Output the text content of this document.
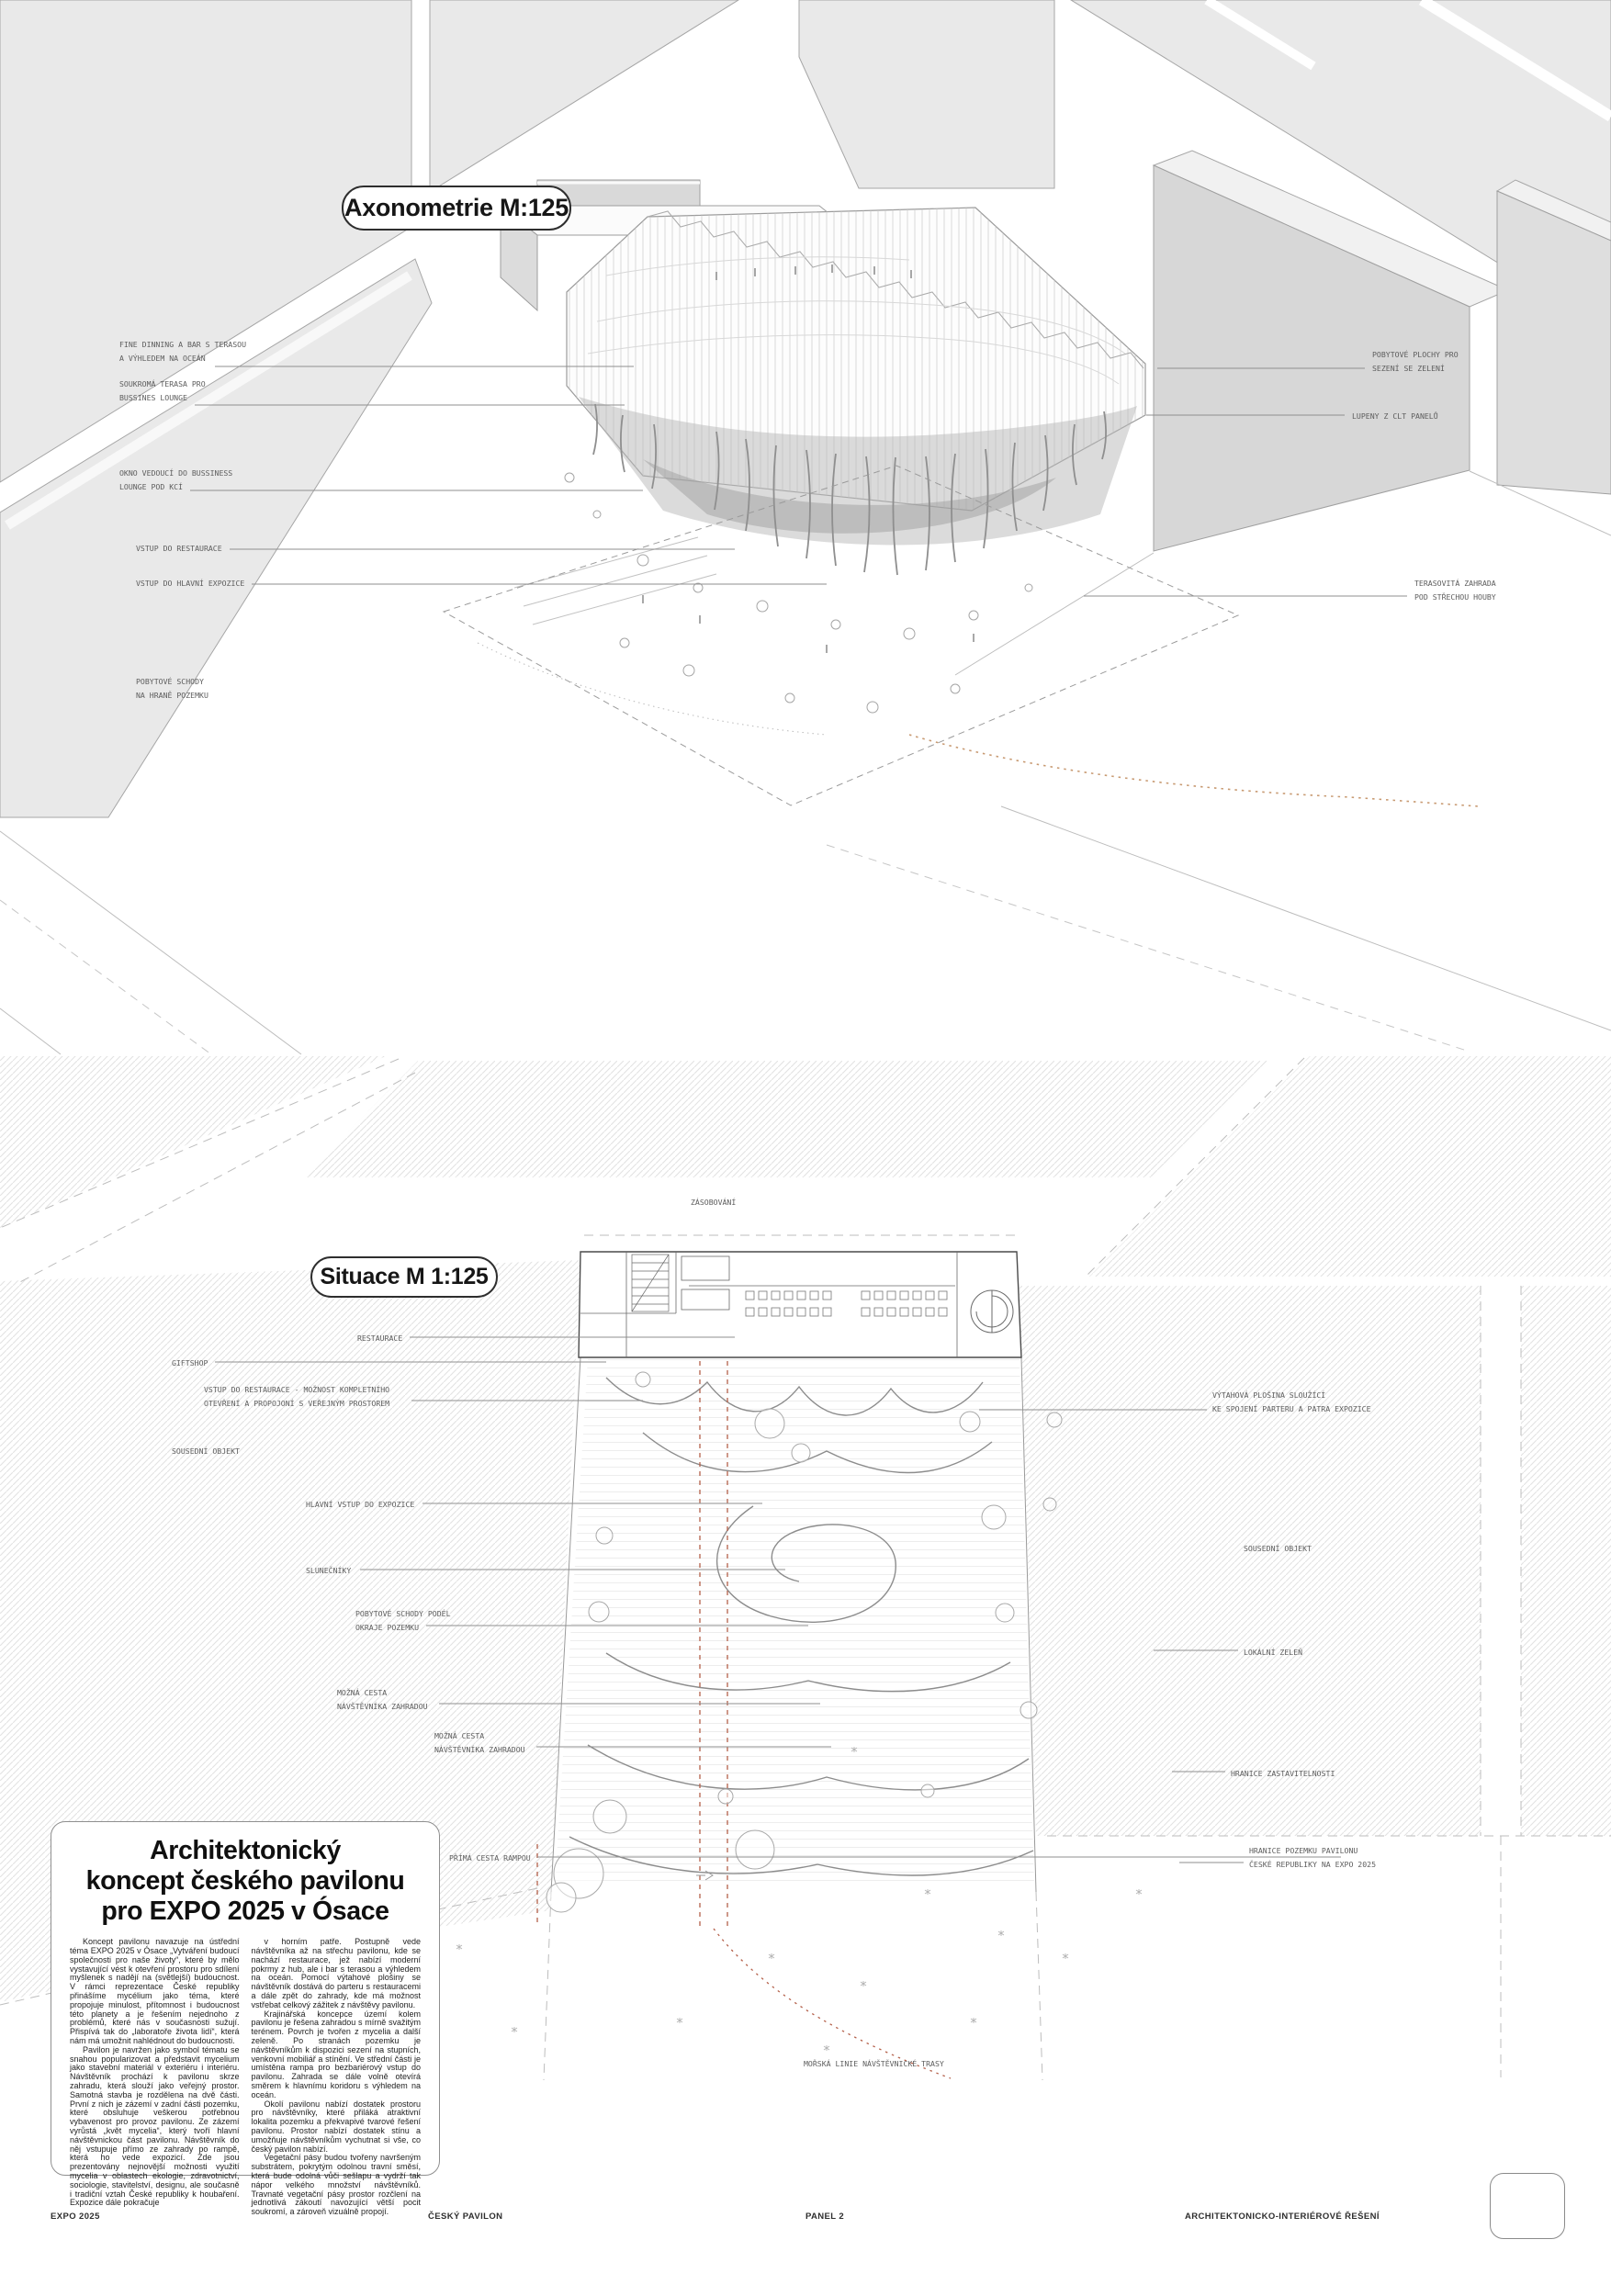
Axonometrie M:125
Situace M 1:125
FINE DINNING A BAR S TERASOU
A VÝHLEDEM NA OCEÁN
SOUKROMÁ TERASA PRO
BUSSINES LOUNGE
OKNO VEDOUCÍ DO BUSSINESS
LOUNGE POD KCÍ
VSTUP DO RESTAURACE
VSTUP DO HLAVNÍ EXPOZICE
POBYTOVÉ SCHODY
NA HRANĚ POZEMKU
POBYTOVÉ PLOCHY PRO
SEZENÍ SE ZELENÍ
LUPENY Z CLT PANELŮ
TERASOVITÁ ZAHRADA
POD STŘECHOU HOUBY
ZÁSOBOVÁNÍ
RESTAURACE
GIFTSHOP
VSTUP DO RESTAURACE - MOŽNOST KOMPLETNÍHO
OTEVŘENÍ A PROPOJONÍ S VEŘEJNÝM PROSTOREM
SOUSEDNÍ OBJEKT
HLAVNÍ VSTUP DO EXPOZICE
SLUNEČNÍKY
POBYTOVÉ SCHODY PODÉL
OKRAJE POZEMKU
MOŽNÁ CESTA
NÁVŠTĚVNÍKA ZAHRADOU
MOŽNÁ CESTA
NÁVŠTĚVNÍKA ZAHRADOU
PŘÍMÁ CESTA RAMPOU
MOŘSKÁ LINIE NÁVŠTĚVNICKÉ TRASY
VÝTAHOVÁ PLOŠINA SLOUŽÍCÍ
KE SPOJENÍ PARTERU A PATRA EXPOZICE
SOUSEDNÍ OBJEKT
LOKÁLNÍ ZELEŇ
HRANICE ZASTAVITELNOSTI
HRANICE POZEMKU PAVILONU
ČESKÉ REPUBLIKY NA EXPO 2025
Architektonický
koncept českého pavilonu
pro EXPO 2025 v Ósace

Koncept pavilonu navazuje na ústřední téma EXPO 2025 v Ósace „Vytváření budoucí společnosti pro naše životy“, které by mělo vystavující vést k otevření prostoru pro sdílení myšlenek s nadějí na (světlejší) budoucnost. V rámci reprezentace České republiky přinášíme mycélium jako téma, které propojuje minulost, přítomnost i budoucnost této planety a je řešením nejednoho z problémů, které nás v současnosti sužují. Přispívá tak do „laboratoře života lidí“, která nám má umožnit nahlédnout do budoucnosti.

Pavilon je navržen jako symbol tématu se snahou popularizovat a představit mycelium jako stavební materiál v exteriéru i interiéru. Návštěvník prochází k pavilonu skrze zahradu, která slouží jako veřejný prostor. Samotná stavba je rozdělena na dvě části. První z nich je zázemí v zadní části pozemku, které obsluhuje veškerou potřebnou vybavenost pro provoz pavilonu. Ze zázemí vyrůstá „květ mycelia“, který tvoří hlavní návštěvnickou část pavilonu. Návštěvník do něj vstupuje přímo ze zahrady po rampě, která ho vede expozicí. Zde jsou prezentovány nejnovější možnosti využití mycelia v oblastech ekologie, zdravotnictví, sociologie, stavitelství, designu, ale současně i tradiční vztah České republiky k houbaření. Expozice dále pokračuje

v horním patře. Postupně vede návštěvníka až na střechu pavilonu, kde se nachází restaurace, jež nabízí moderní pokrmy z hub, ale i bar s terasou a výhledem na oceán. Pomocí výtahové plošiny se návštěvník dostává do parteru s restauracemi a dále zpět do zahrady, kde má možnost vstřebat celkový zážitek z návštěvy pavilonu.

Krajinářská koncepce území kolem pavilonu je řešena zahradou s mírně svažitým terénem. Povrch je tvořen z mycelia a další zeleně. Po stranách pozemku je návštěvníkům k dispozici sezení na stupních, venkovní mobiliář a stínění. Ve střední části je umístěna rampa pro bezbariérový vstup do pavilonu. Zahrada se dále volně otevírá směrem k hlavnímu koridoru s výhledem na oceán.

Okolí pavilonu nabízí dostatek prostoru pro návštěvníky, které přiláká atraktivní lokalita pozemku a překvapivé tvarové řešení pavilonu. Prostor nabízí dostatek stínu a umožňuje návštěvníkům vychutnat si vše, co český pavilon nabízí.

Vegetační pásy budou tvořeny navršeným substrátem, pokrytým odolnou travní směsí, která bude odolná vůči sešlapu a vydrží tak nápor velkého množství návštěvníků. Travnaté vegetační pásy prostor rozčlení na jednotlivá zákoutí navozující větší pocit soukromí, a zároveň vizuálně propojí.

EXPO 2025	ČESKÝ PAVILON	PANEL 2	ARCHITEKTONICKO-INTERIÉROVÉ ŘEŠENÍ
